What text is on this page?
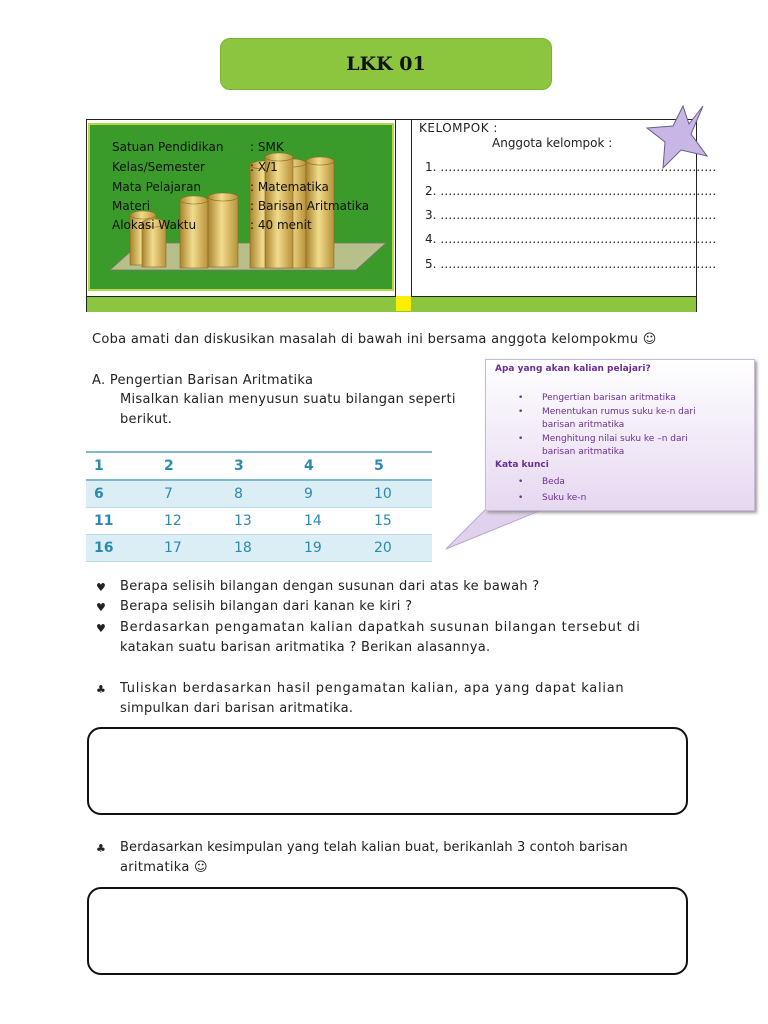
LKK 01
Satuan Pendidikan : SMK
Kelas/Semester	: X/1
Mata Pelajaran	: Matematika
Materi	: Barisan Aritmatika
Alokasi Waktu	: 40 menit
KELOMPOK :
Anggota kelompok :
1. ……………………………………………………………
2. ……………………………………………………………
3. ……………………………………………………………
4. ……………………………………………………………
5. ……………………………………………………………
Coba amati dan diskusikan masalah di bawah ini bersama anggota kelompokmu ☺
A. Pengertian Barisan Aritmatika
Misalkan kalian menyusun suatu bilangan seperti
berikut.
1	2	3	4	5
6	7	8	9	10
11	12	13	14	15
16	17	18	19	20
Apa yang akan kalian pelajari?
• Pengertian barisan aritmatika
• Menentukan rumus suku ke-n dari
barisan aritmatika
• Menghitung nilai suku ke –n dari
barisan aritmatika
Kata kunci
• Beda
• Suku ke-n
♥ Berapa selisih bilangan dengan susunan dari atas ke bawah ?
♥ Berapa selisih bilangan dari kanan ke kiri ?
♥ Berdasarkan pengamatan kalian dapatkah susunan bilangan tersebut di
katakan suatu barisan aritmatika ? Berikan alasannya.
♣ Tuliskan berdasarkan hasil pengamatan kalian, apa yang dapat kalian
simpulkan dari barisan aritmatika.
♣ Berdasarkan kesimpulan yang telah kalian buat, berikanlah 3 contoh barisan
aritmatika ☺
